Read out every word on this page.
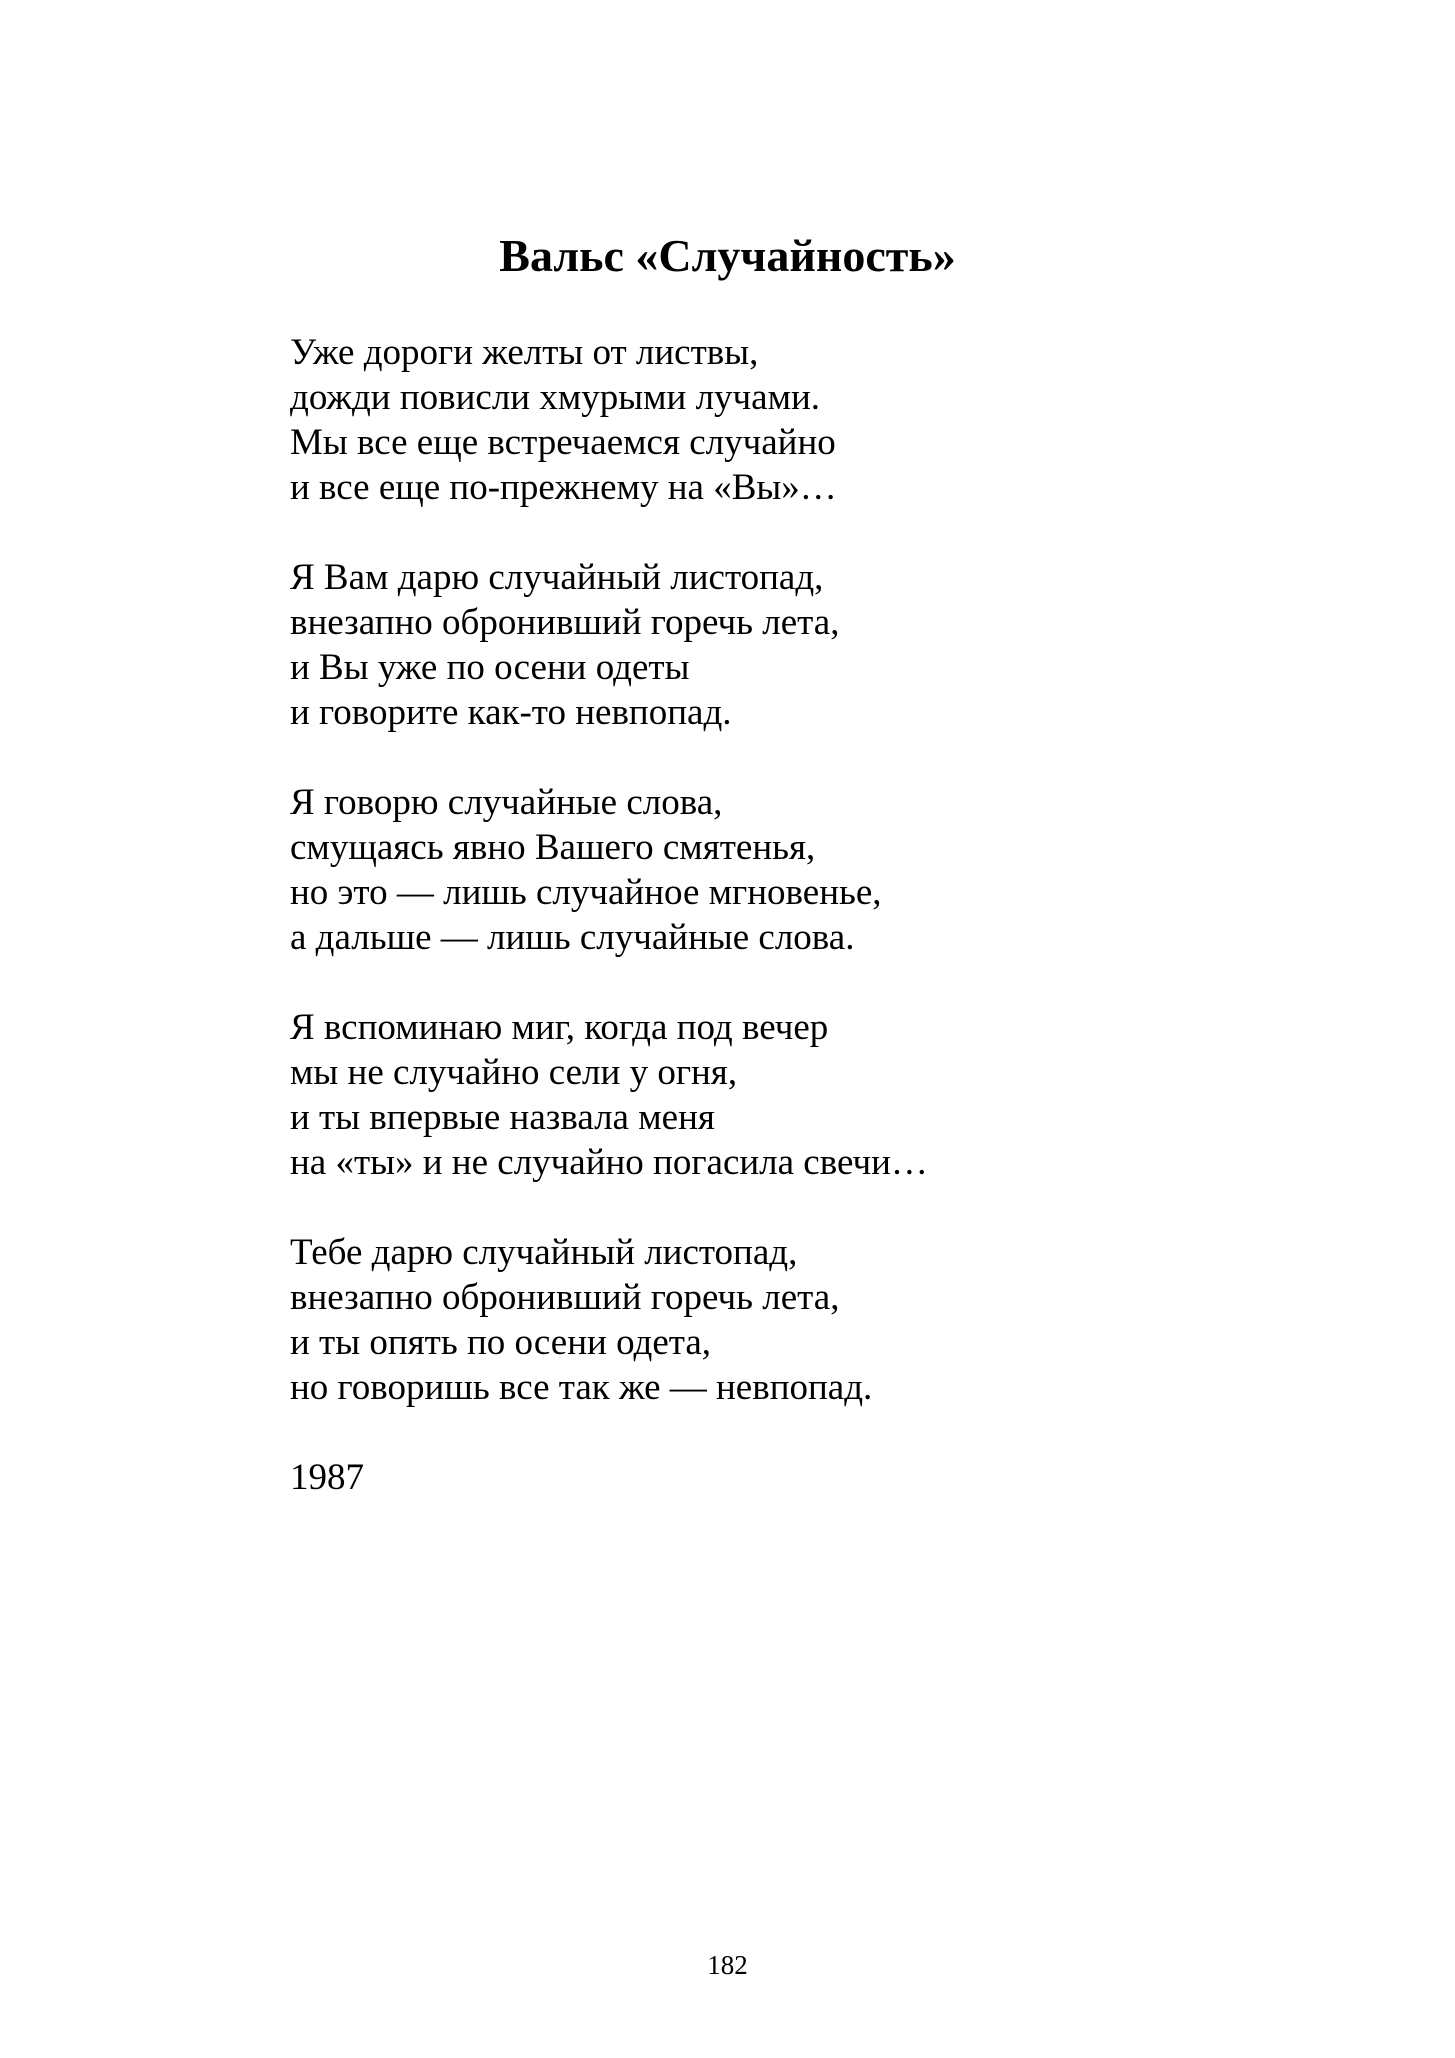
Вальс «Случайность»
Уже дороги желты от листвы,
дожди повисли хмурыми лучами.
Мы все еще встречаемся случайно
и все еще по-прежнему на «Вы»…
Я Вам дарю случайный листопад,
внезапно обронивший горечь лета,
и Вы уже по осени одеты
и говорите как-то невпопад.
Я говорю случайные слова,
смущаясь явно Вашего смятенья,
но это — лишь случайное мгновенье,
а дальше — лишь случайные слова.
Я вспоминаю миг, когда под вечер
мы не случайно сели у огня,
и ты впервые назвала меня
на «ты» и не случайно погасила свечи…
Тебе дарю случайный листопад,
внезапно обронивший горечь лета,
и ты опять по осени одета,
но говоришь все так же — невпопад.
1987
182
